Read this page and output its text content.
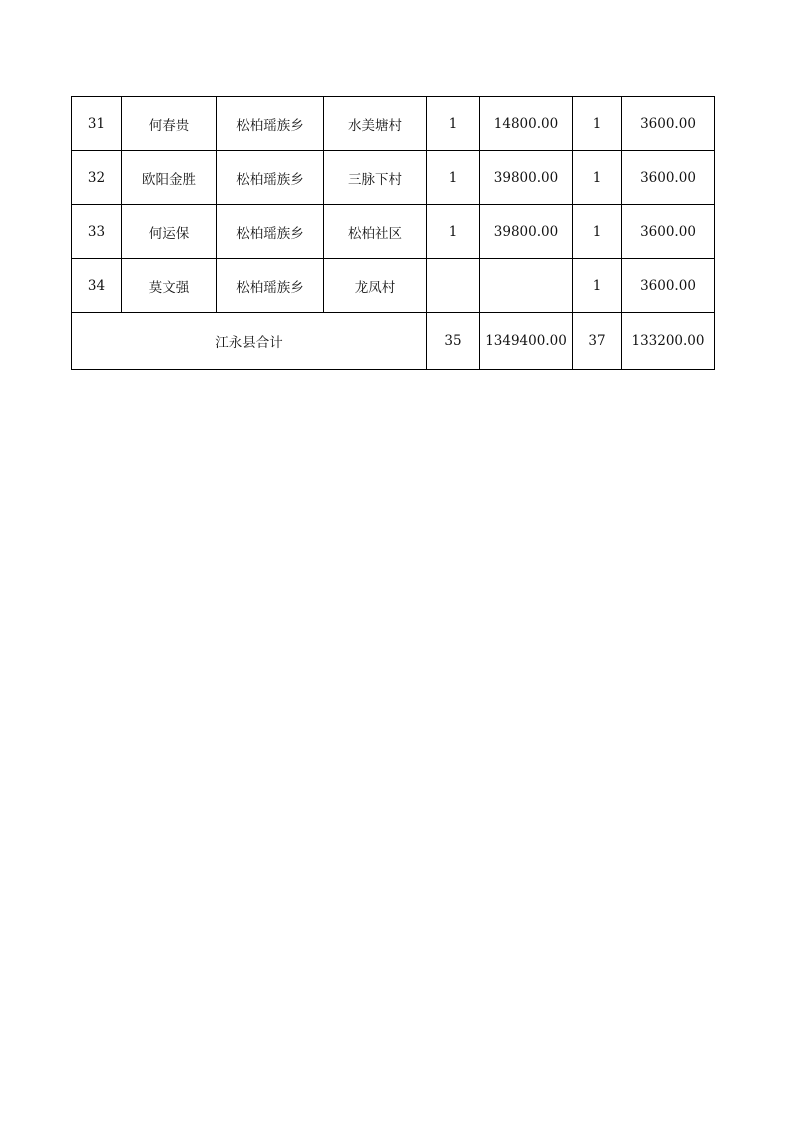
31	何春贵	松柏瑶族乡	水美塘村	1	14800.00	1	3600.00
32	欧阳金胜	松柏瑶族乡	三脉下村	1	39800.00	1	3600.00
33	何运保	松柏瑶族乡	松柏社区	1	39800.00	1	3600.00
34	莫文强	松柏瑶族乡	龙凤村			1	3600.00
江永县合计				35	1349400.00	37	133200.00
